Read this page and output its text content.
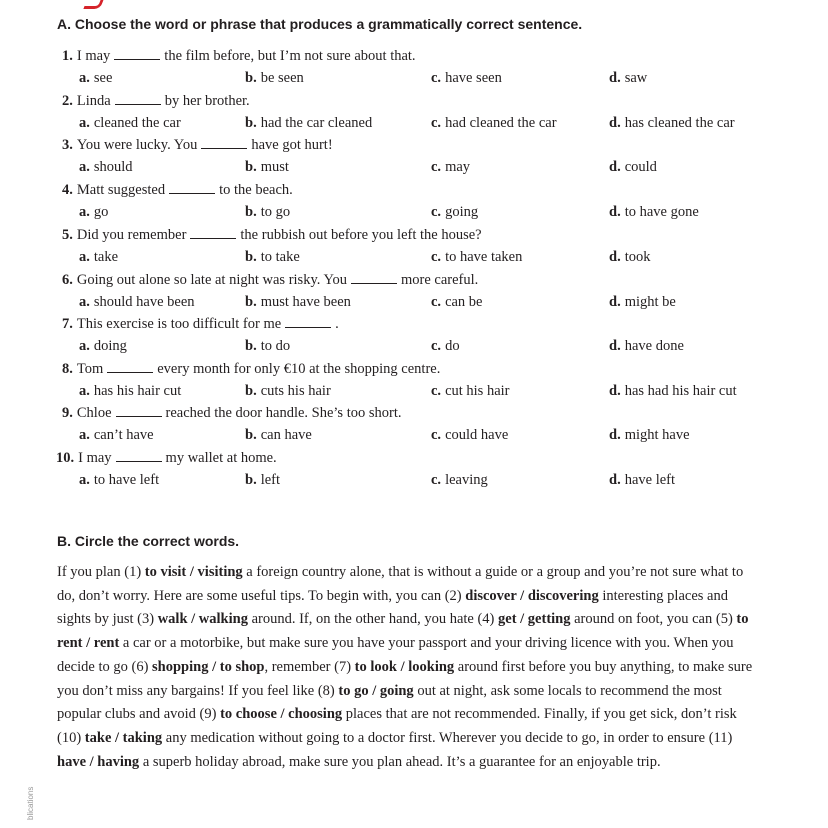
A. Choose the word or phrase that produces a grammatically correct sentence.
1. I may	the film before, but I’m not sure about that.
a. see	b. be seen	c. have seen	d. saw
2. Linda	by her brother.
a. cleaned the car	b. had the car cleaned	c. had cleaned the car	d. has cleaned the car
3. You were lucky. You	have got hurt!
a. should	b. must	c. may	d. could
4. Matt suggested	to the beach.
a. go	b. to go	c. going	d. to have gone
5. Did you remember	the rubbish out before you left the house?
a. take	b. to take	c. to have taken	d. took
6. Going out alone so late at night was risky. You	more careful.
a. should have been	b. must have been	c. can be	d. might be
7. This exercise is too difficult for me	.
a. doing	b. to do	c. do	d. have done
8. Tom	every month for only €10 at the shopping centre.
a. has his hair cut	b. cuts his hair	c. cut his hair	d. has had his hair cut
9. Chloe	reached the door handle. She’s too short.
a. can’t have	b. can have	c. could have	d. might have
10. I may	my wallet at home.
a. to have left	b. left	c. leaving	d. have left
B. Circle the correct words.
If you plan (1) to visit / visiting a foreign country alone, that is without a guide or a group and you’re not sure what to do, don’t worry. Here are some useful tips. To begin with, you can (2) discover / discovering interesting places and sights by just (3) walk / walking around. If, on the other hand, you hate (4) get / getting around on foot, you can (5) to rent / rent a car or a motorbike, but make sure you have your passport and your driving licence with you. When you decide to go (6) shopping / to shop, remember (7) to look / looking around first before you buy anything, to make sure you don’t miss any bargains! If you feel like (8) to go / going out at night, ask some locals to recommend the most popular clubs and avoid (9) to choose / choosing places that are not recommended. Finally, if you get sick, don’t risk (10) take / taking any medication without going to a doctor first. Wherever you decide to go, in order to ensure (11) have / having a superb holiday abroad, make sure you plan ahead. It’s a guarantee for an enjoyable trip.
blications
